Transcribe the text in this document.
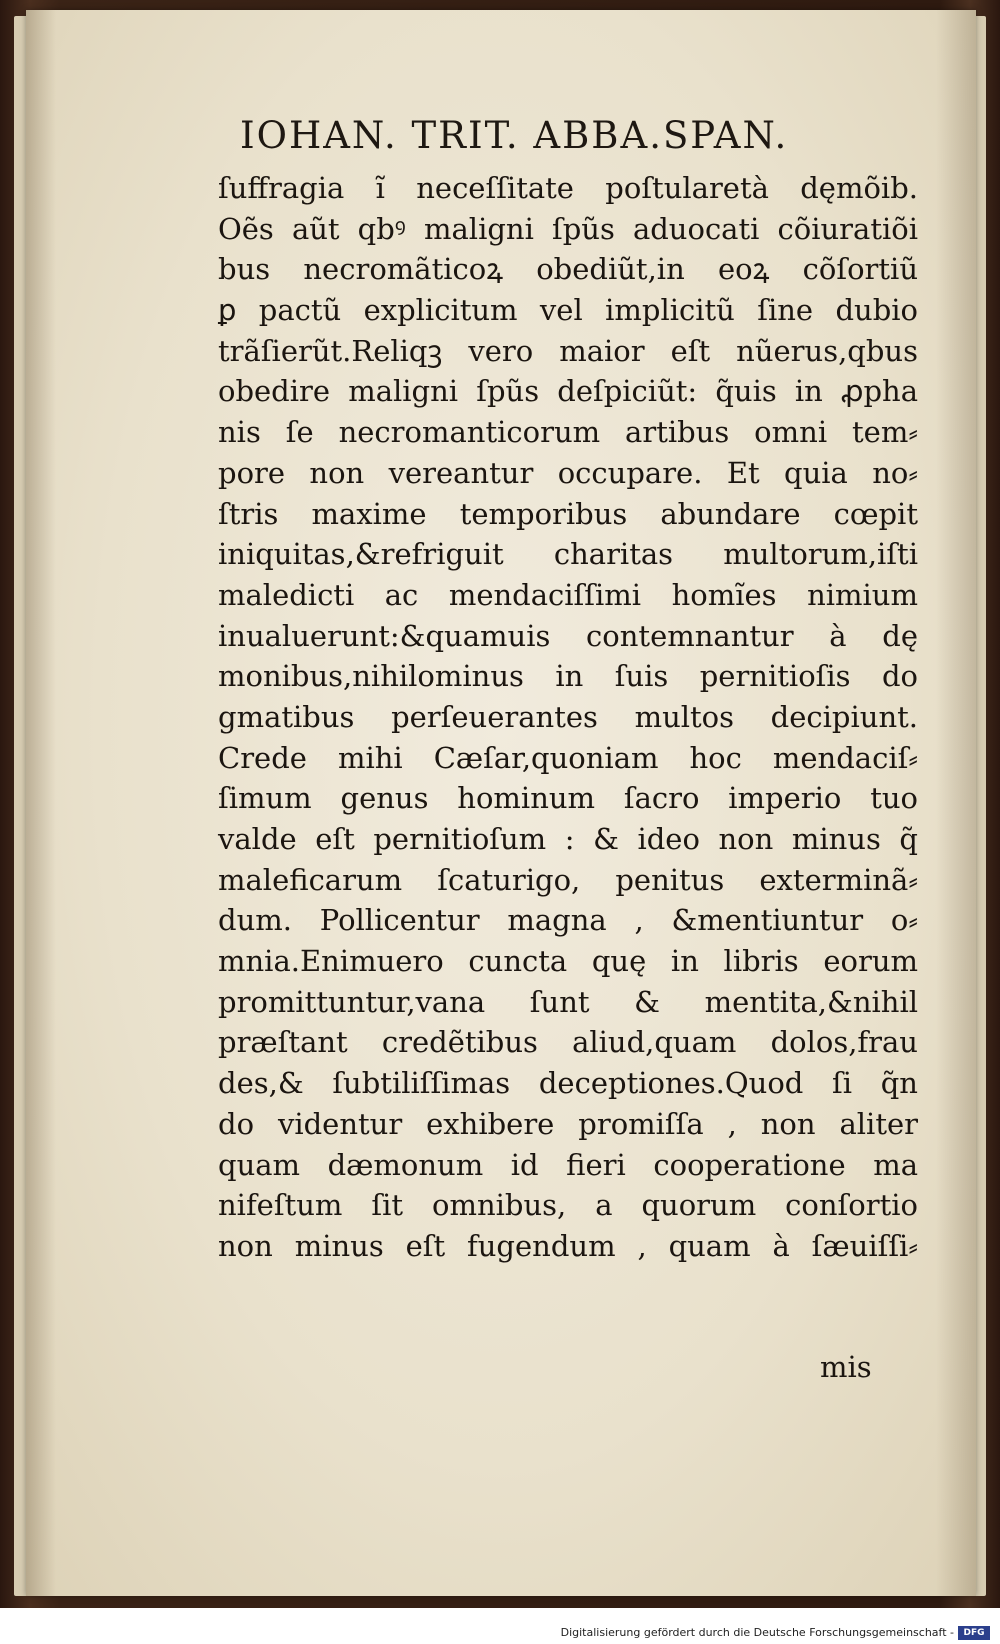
IOHAN. TRIT. ABBA.SPAN.
ſuffragia ĩ neceſſitate poſtularetà dęmõib.
Oẽs aũt qbꝰ maligni ſpũs aduocati cõiuratiõi
bus necromãticoꝝ obediũt,in eoꝝ cõſortiũ
ꝑ pactũ explicitum vel implicitũ ſine dubio
trãſierũt.Reliqꝫ vero maior eſt nũerus,qbus
obedire maligni ſpũs deſpiciũt: q̃uis in ꝓpha
nis ſe necromanticorum artibus omni tem⸗
pore non vereantur occupare. Et quia no⸗
ſtris maxime temporibus abundare cœpit
iniquitas,&refriguit charitas multorum,iſti
maledicti ac mendaciſſimi homĩes nimium
inualuerunt:&quamuis contemnantur à dę
monibus,nihilominus in ſuis pernitioſis do
gmatibus perſeuerantes multos decipiunt.
Crede mihi Cæſar,quoniam hoc mendaciſ⸗
ſimum genus hominum ſacro imperio tuo
valde eſt pernitioſum : & ideo non minus q̃
maleficarum ſcaturigo, penitus exterminã⸗
dum. Pollicentur magna , &mentiuntur o⸗
mnia.Enimuero cuncta quę in libris eorum
promittuntur,vana ſunt & mentita,&nihil
præſtant credẽtibus aliud,quam dolos,frau
des,& ſubtiliſſimas deceptiones.Quod ſi q̃n
do videntur exhibere promiſſa , non aliter
quam dæmonum id fieri cooperatione ma
nifeſtum ſit omnibus, a quorum conſortio
non minus eſt fugendum , quam à ſæuiſſi⸗
mis
Digitalisierung gefördert durch die Deutsche Forschungsgemeinschaft -	DFG
